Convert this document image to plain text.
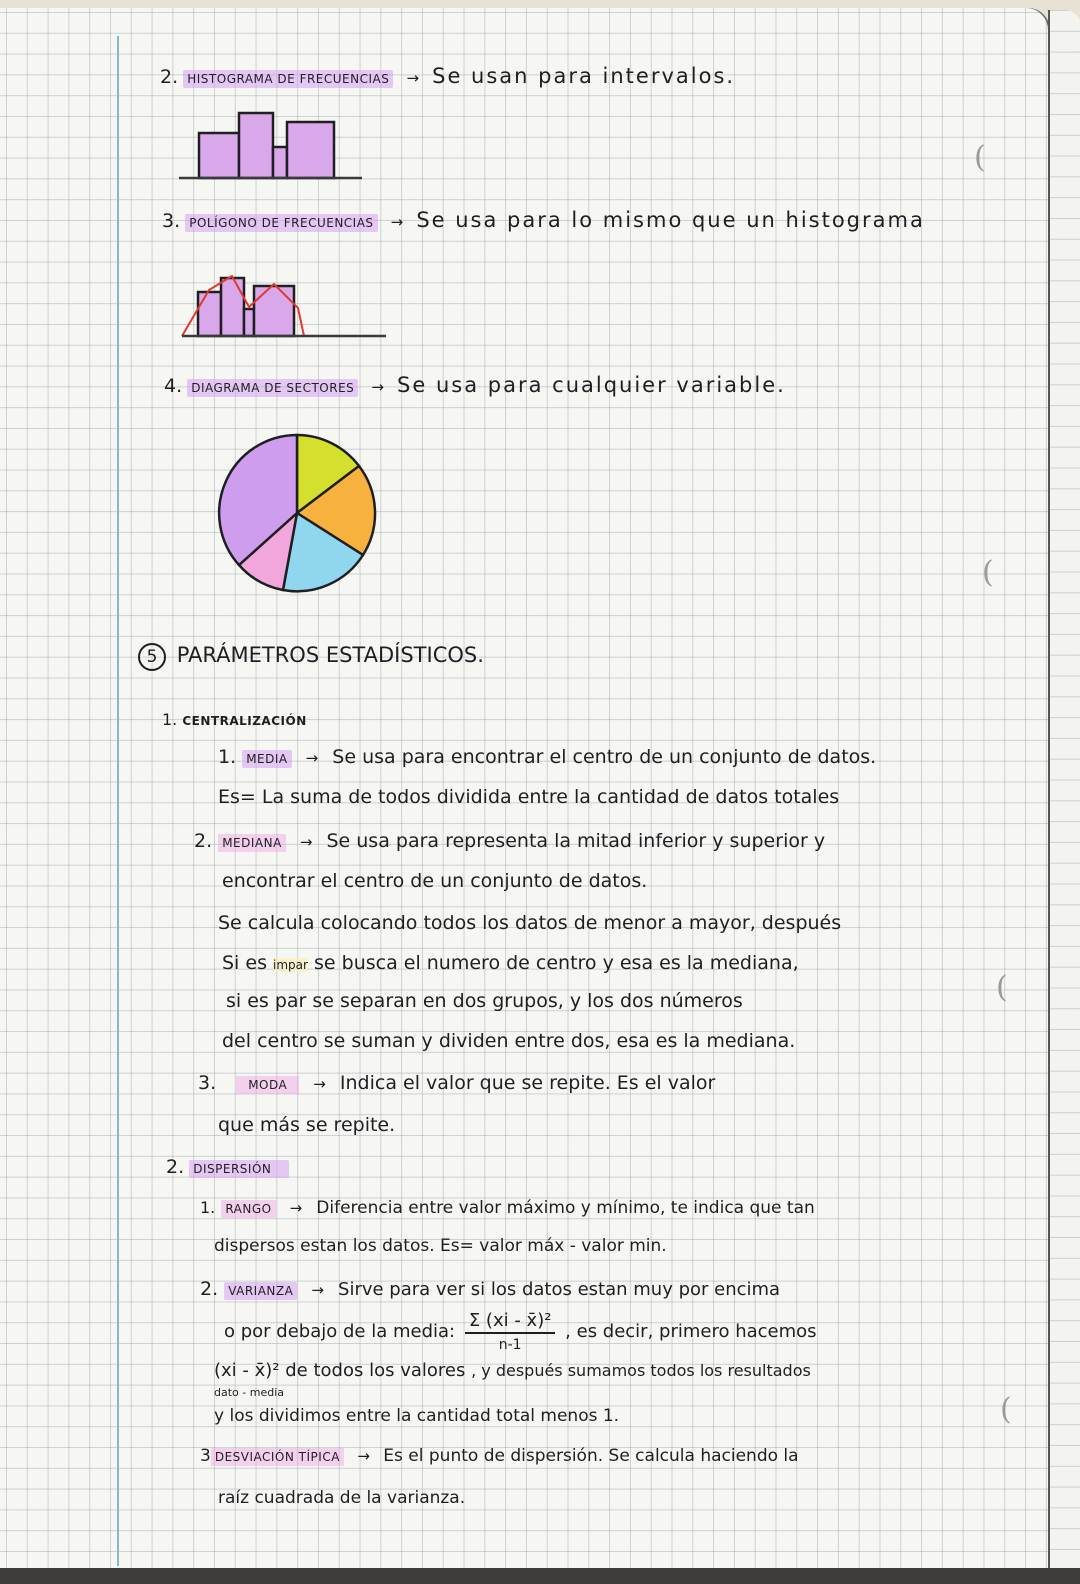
(
(
(
(
2. HISTOGRAMA DE FRECUENCIAS → Se usan para intervalos.
3. POLÍGONO DE FRECUENCIAS → Se usa para lo mismo que un histograma
4. DIAGRAMA DE SECTORES → Se usa para cualquier variable.
5 PARÁMETROS ESTADÍSTICOS.
1. CENTRALIZACIÓN
1. MEDIA → Se usa para encontrar el centro de un conjunto de datos.
Es= La suma de todos dividida entre la cantidad de datos totales
2. MEDIANA → Se usa para representa la mitad inferior y superior y
encontrar el centro de un conjunto de datos.
Se calcula colocando todos los datos de menor a mayor, después
Si es impar se busca el numero de centro y esa es la mediana,
si es par se separan en dos grupos, y los dos números
del centro se suman y dividen entre dos, esa es la mediana.
3.	MODA → Indica el valor que se repite. Es el valor
que más se repite.
2. DISPERSIÓN
1. RANGO → Diferencia entre valor máximo y mínimo, te indica que tan
dispersos estan los datos. Es= valor máx - valor min.
2. VARIANZA → Sirve para ver si los datos estan muy por encima
o por debajo de la media: $\frac{\text{Σ (xi - x̄)²}}{n-1}$ , es decir, primero hacemos
(xi - x̄)² de todos los valores , y después sumamos todos los resultados
dato - media
y los dividimos entre la cantidad total menos 1.
3 DESVIACIÓN TÍPICA → Es el punto de dispersión. Se calcula haciendo la
raíz cuadrada de la varianza.
